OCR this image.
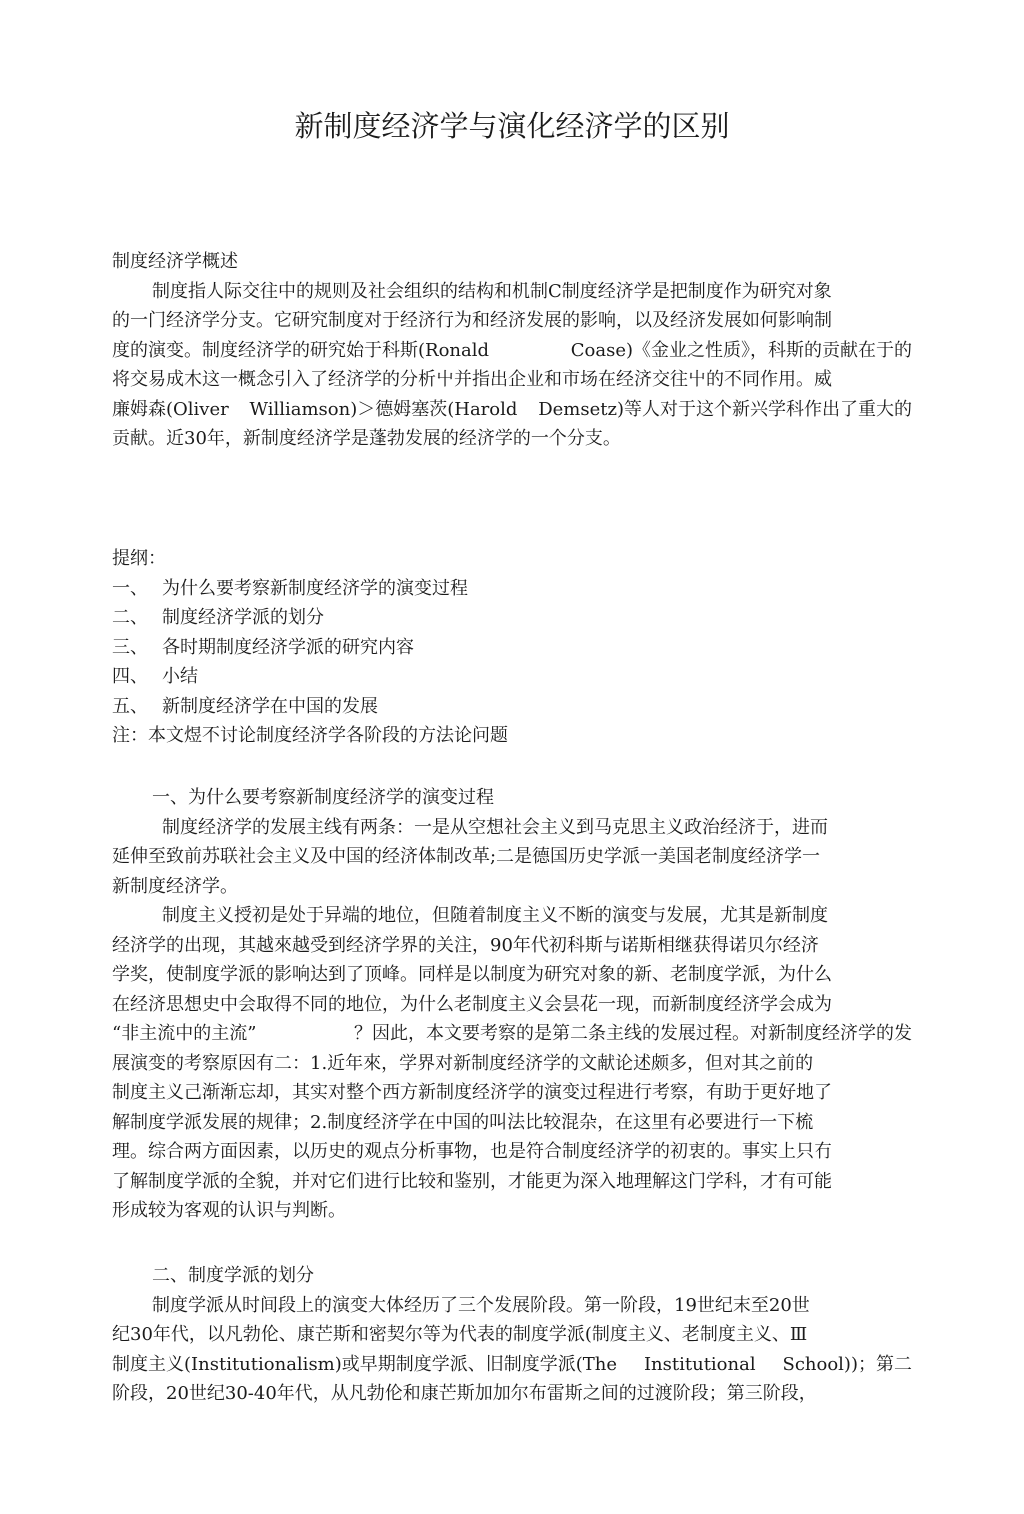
新制度经济学与演化经济学的区别
制度经济学概述
制度指人际交往中的规则及社会组织的结构和机制C制度经济学是把制度作为研究对象
的一门经济学分支。它研究制度对于经济行为和经济发展的影响，以及经济发展如何影响制
度的演变。制度经济学的研究始于科斯(Ronald	Coase)《金业之性质》，科斯的贡献在于的
将交易成木这一概念引入了经济学的分析屮并指出企业和市场在经济交往屮的不同作用。威
廉姆森(Oliver Williamson)＞德姆塞茨(Harold Demsetz)等人对于这个新兴学科作出了重大的
贡献。近30年，新制度经济学是蓬勃发展的经济学的一个分支。
提纲：
一、 为什么要考察新制度经济学的演变过程
二、 制度经济学派的划分
三、 各时期制度经济学派的研究内容
四、 小结
五、 新制度经济学在中国的发展
注：本文煜不讨论制度经济学各阶段的方法论问题
一、为什么要考察新制度经济学的演变过程
制度经济学的发展主线有两条：一是从空想社会主义到马克思主义政治经济于，进而
延伸至致前苏联社会主义及中国的经济体制改革;二是德国历史学派一美国老制度经济学一
新制度经济学。
制度主义授初是处于异端的地位，但随着制度主义不断的演变与发展，尤其是新制度
经济学的出现，其越來越受到经济学界的关注，90年代初科斯与诺斯相继获得诺贝尔经济
学奖，使制度学派的影响达到了顶峰。同样是以制度为研究对象的新、老制度学派，为什么
在经济思想史中会取得不同的地位，为什么老制度主义会昙花一现，而新制度经济学会成为
“非主流中的主流”	？因此，本文要考察的是第二条主线的发展过程。对新制度经济学的发
展演变的考察原因有二：1.近年來，学界对新制度经济学的文献论述颇多，但对其之前的
制度主义己渐渐忘却，其实对整个西方新制度经济学的演变过程进行考察，有助于更好地了
解制度学派发展的规律；2.制度经济学在中国的叫法比较混杂，在这里有必要进行一下梳
理。综合两方面因素，以历史的观点分析事物，也是符合制度经济学的初衷的。事实上只冇
了解制度学派的全貌，并对它们进行比较和鉴别，才能更为深入地理解这门学科，才有可能
形成较为客观的认识与判断。
二、制度学派的划分
制度学派从时间段上的演变大体经历了三个发展阶段。第一阶段，19世纪末至20世
纪30年代，以凡勃伦、康芒斯和密契尔等为代表的制度学派(制度主义、老制度主义、Ⅲ
制度主义(Institutionalism)或早期制度学派、旧制度学派(The Institutional School))；第二
阶段，20世纪30-40年代，从凡勃伦和康芒斯加加尔布雷斯之间的过渡阶段；第三阶段，
